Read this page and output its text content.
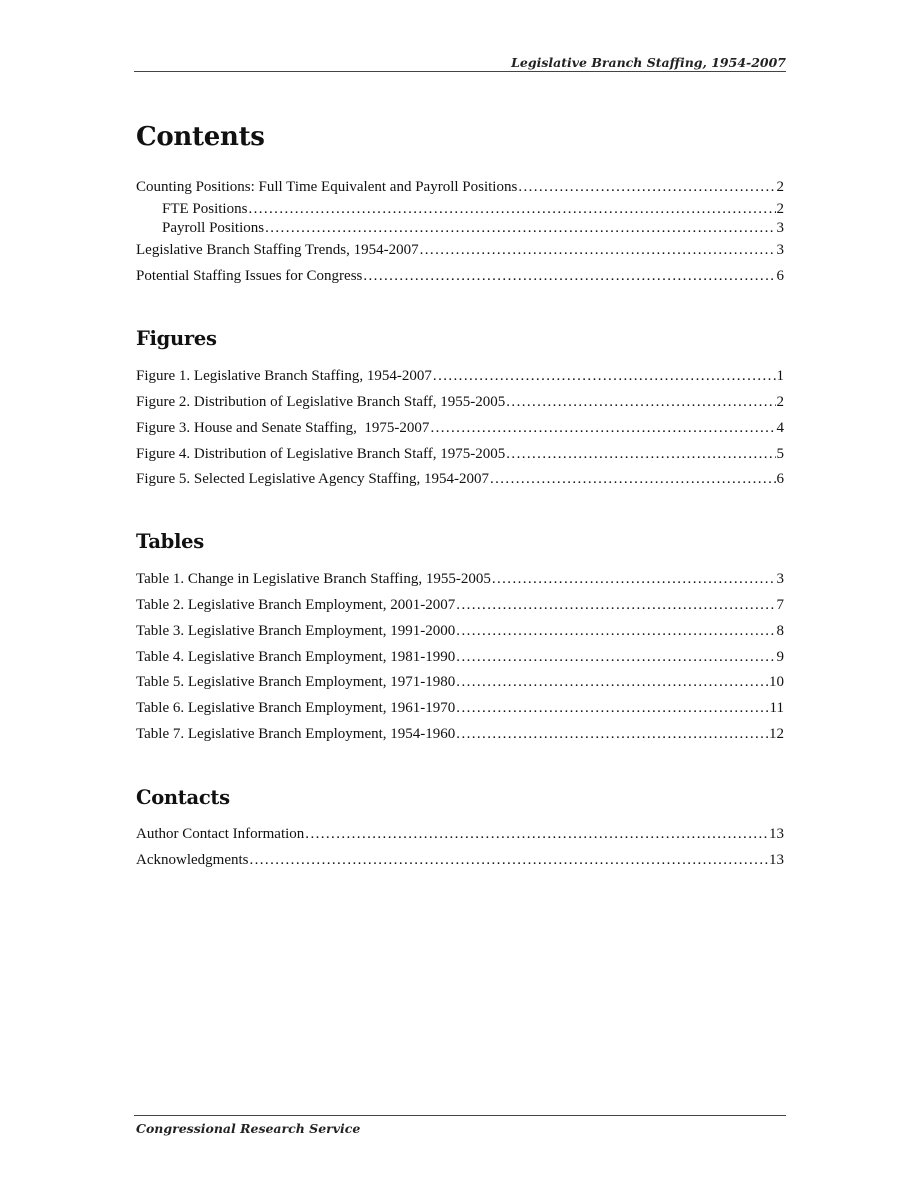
Legislative Branch Staffing, 1954-2007
Contents
Counting Positions: Full Time Equivalent and Payroll Positions .....	2
FTE Positions .....	2
Payroll Positions .....	3
Legislative Branch Staffing Trends, 1954-2007 .....	3
Potential Staffing Issues for Congress .....	6
Figures
Figure 1. Legislative Branch Staffing, 1954-2007 .....	1
Figure 2. Distribution of Legislative Branch Staff, 1955-2005 .....	2
Figure 3. House and Senate Staffing,  1975-2007 .....	4
Figure 4. Distribution of Legislative Branch Staff, 1975-2005 .....	5
Figure 5. Selected Legislative Agency Staffing, 1954-2007 .....	6
Tables
Table 1. Change in Legislative Branch Staffing, 1955-2005 .....	3
Table 2. Legislative Branch Employment, 2001-2007 .....	7
Table 3. Legislative Branch Employment, 1991-2000 .....	8
Table 4. Legislative Branch Employment, 1981-1990 .....	9
Table 5. Legislative Branch Employment, 1971-1980 .....	10
Table 6. Legislative Branch Employment, 1961-1970 .....	11
Table 7. Legislative Branch Employment, 1954-1960 .....	12
Contacts
Author Contact Information .....	13
Acknowledgments .....	13
Congressional Research Service
